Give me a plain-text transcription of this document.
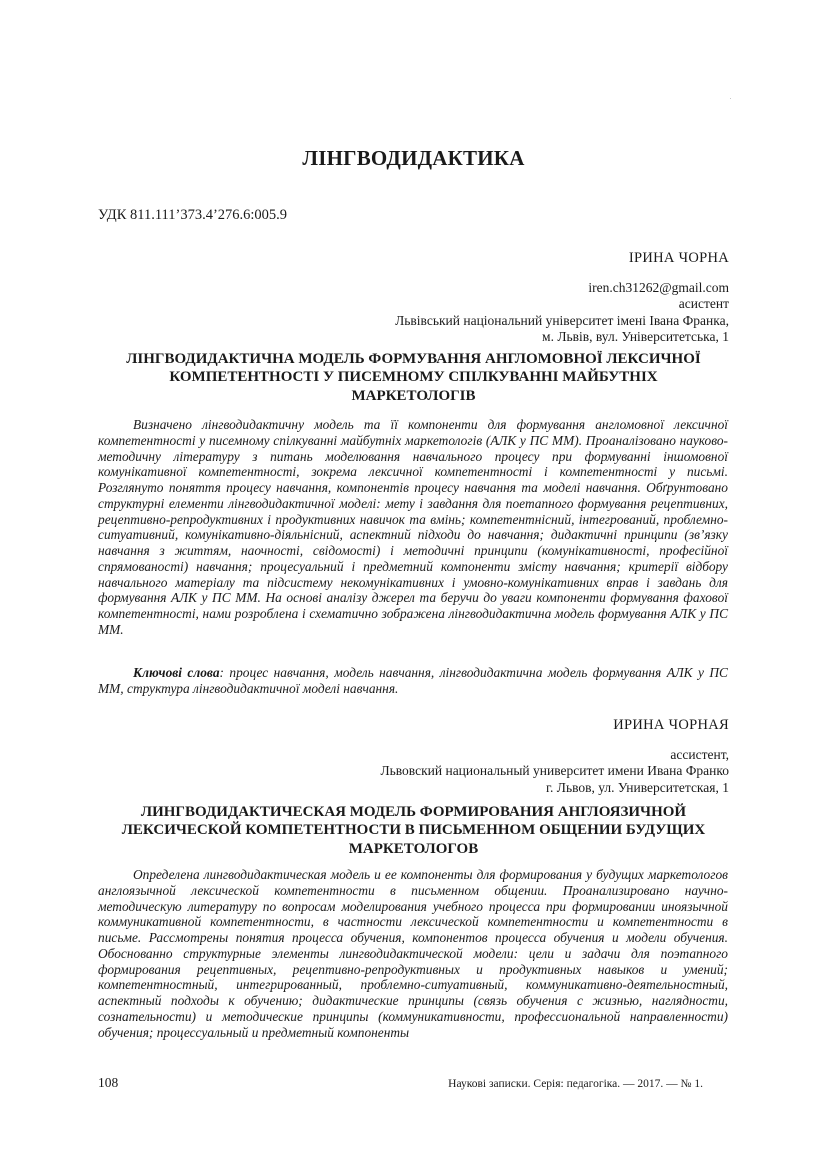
ЛІНГВОДИДАКТИКА
УДК 811.111’373.4’276.6:005.9
ІРИНА ЧОРНА
iren.ch31262@gmail.com
асистент
Львівський національний університет імені Івана Франка,
м. Львів, вул. Університетська, 1
ЛІНГВОДИДАКТИЧНА МОДЕЛЬ ФОРМУВАННЯ АНГЛОМОВНОЇ ЛЕКСИЧНОЇ КОМПЕТЕНТНОСТІ У ПИСЕМНОМУ СПІЛКУВАННІ МАЙБУТНІХ МАРКЕТОЛОГІВ

Визначено лінгводидактичну модель та її компоненти для формування англомовної лексичної компетентності у писемному спілкуванні майбутніх маркетологів (АЛК у ПС ММ). Проаналізовано науково-методичну літературу з питань моделювання навчального процесу при формуванні іншомовної комунікативної компетентності, зокрема лексичної компетентності і компетентності у письмі. Розглянуто поняття процесу навчання, компонентів процесу навчання та моделі навчання. Обґрунтовано структурні елементи лінгводидактичної моделі: мету і завдання для поетапного формування рецептивних, рецептивно-репродуктивних і продуктивних навичок та вмінь; компетентнісний, інтегрований, проблемно-ситуативний, комунікативно-діяльнісний, аспектний підходи до навчання; дидактичні принципи (зв’язку навчання з життям, наочності, свідомості) і методичні принципи (комунікативності, професійної спрямованості) навчання; процесуальний і предметний компоненти змісту навчання; критерії відбору навчального матеріалу та підсистему некомунікативних і умовно-комунікативних вправ і завдань для формування АЛК у ПС ММ. На основі аналізу джерел та беручи до уваги компоненти формування фахової компетентності, нами розроблена і схематично зображена лінгводидактична модель формування АЛК у ПС ММ.

Ключові слова: процес навчання, модель навчання, лінгводидактична модель формування АЛК у ПС ММ, структура лінгводидактичної моделі навчання.

ИРИНА ЧОРНАЯ
ассистент,
Львовский национальный университет имени Ивана Франко
г. Львов, ул. Университетская, 1
ЛИНГВОДИДАКТИЧЕСКАЯ МОДЕЛЬ ФОРМИРОВАНИЯ АНГЛОЯЗИЧНОЙ ЛЕКСИЧЕСКОЙ КОМПЕТЕНТНОСТИ В ПИСЬМЕННОМ ОБЩЕНИИ БУДУЩИХ МАРКЕТОЛОГОВ

Определена лингводидактическая модель и ее компоненты для формирования у будущих маркетологов англоязычной лексической компетентности в письменном общении. Проанализировано научно-методическую литературу по вопросам моделирования учебного процесса при формировании иноязычной коммуникативной компетентности, в частности лексической компетентности и компетентности в письме. Рассмотрены понятия процесса обучения, компонентов процесса обучения и модели обучения. Обоснованно структурные элементы лингводидактической модели: цели и задачи для поэтапного формирования рецептивных, рецептивно-репродуктивных и продуктивных навыков и умений; компетентностный, интегрированный, проблемно-ситуативный, коммуникативно-деятельностный, аспектный подходы к обучению; дидактические принципы (связь обучения с жизнью, наглядности, сознательности) и методические принципы (коммуникативности, профессиональной направленности) обучения; процессуальный и предметный компоненты

108	Наукові записки. Серія: педагогіка. — 2017. — № 1.
